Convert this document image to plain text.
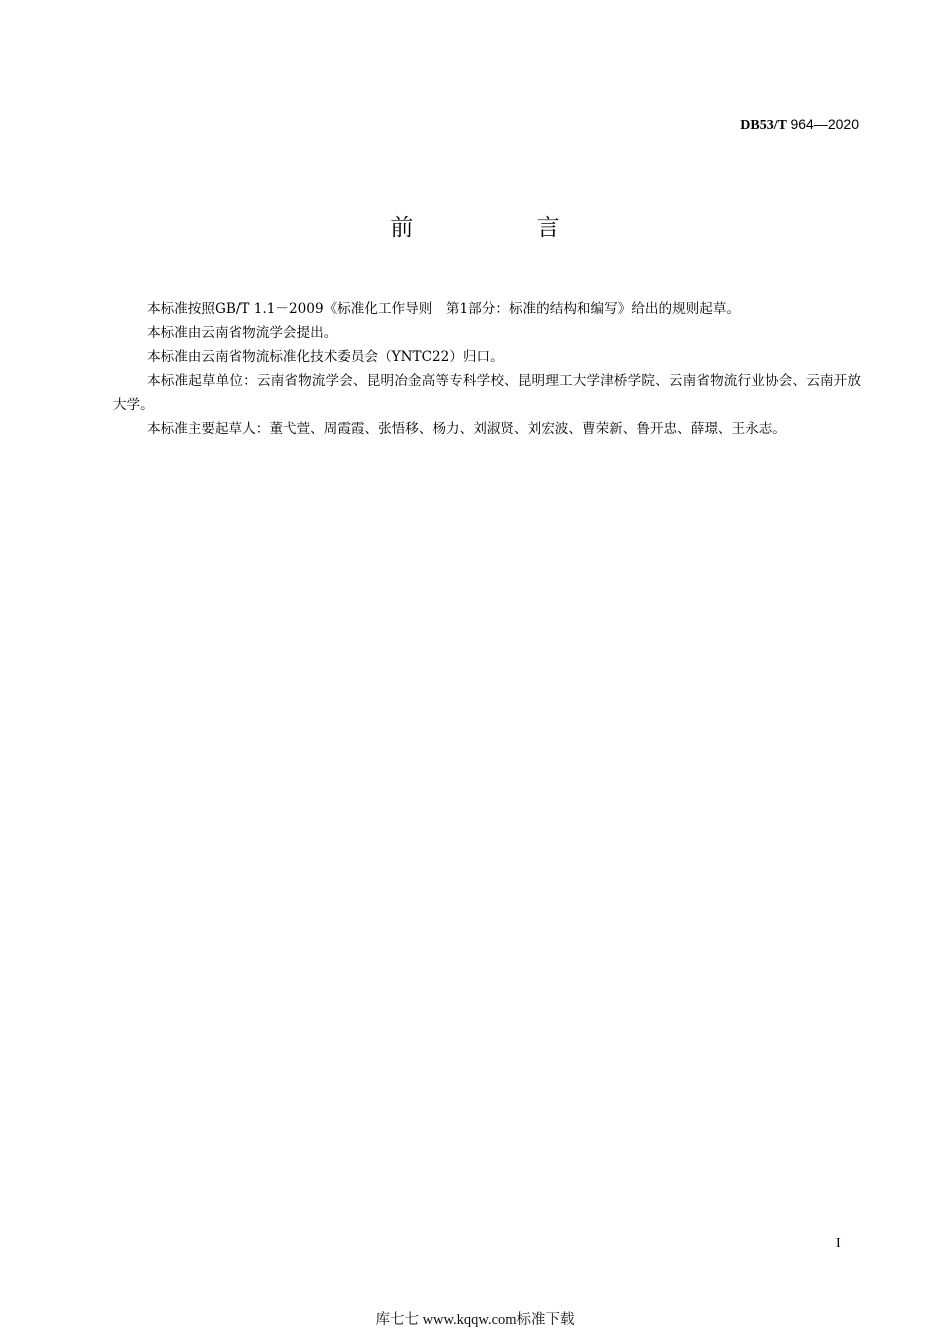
DB53/T 964—2020
前 言

本标准按照GB/T 1.1－2009《标准化工作导则　第1部分：标准的结构和编写》给出的规则起草。

本标准由云南省物流学会提出。

本标准由云南省物流标准化技术委员会（YNTC22）归口。

本标准起草单位：云南省物流学会、昆明冶金高等专科学校、昆明理工大学津桥学院、云南省物流行业协会、云南开放大学。

本标准主要起草人：董弋萱、周霞霞、张悟移、杨力、刘淑贤、刘宏波、曹荣新、鲁开忠、薛璟、王永志。

I
库七七 www.kqqw.com标准下载
